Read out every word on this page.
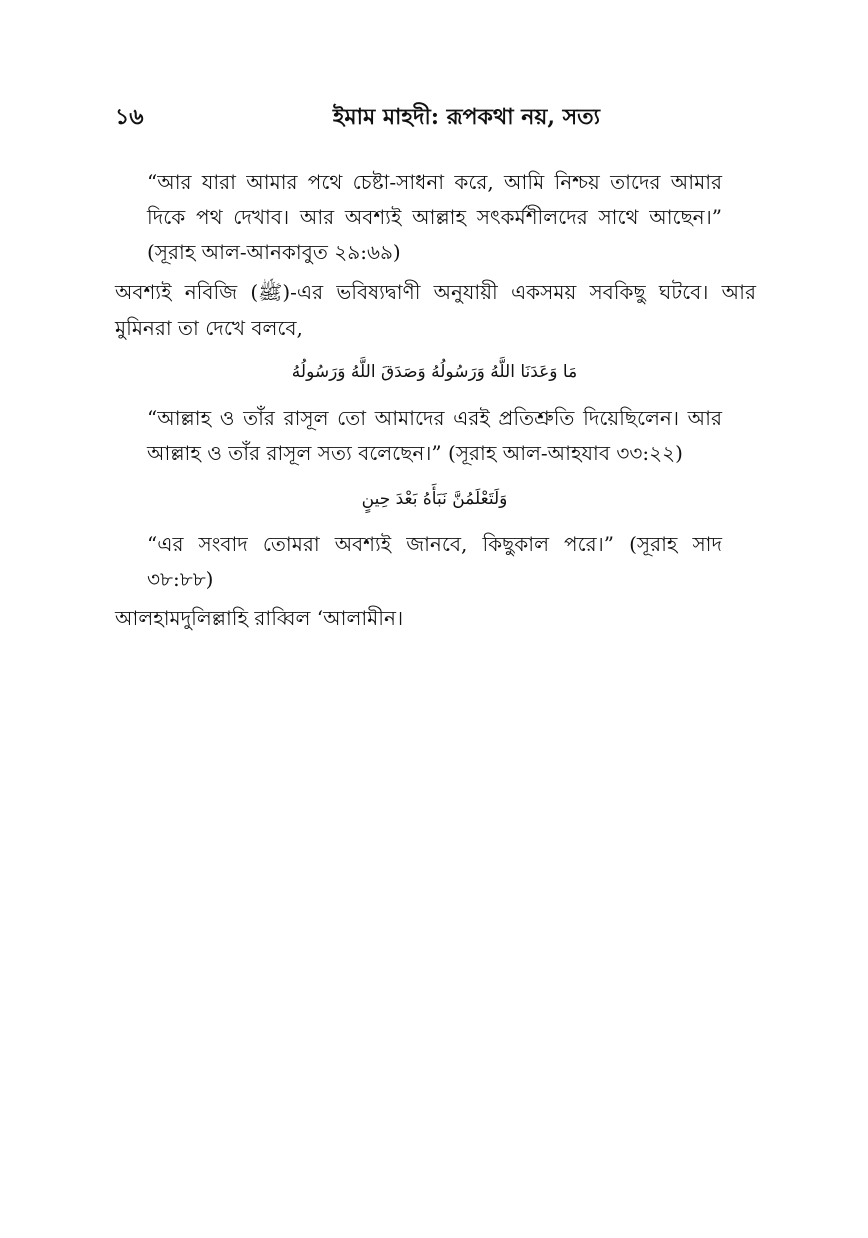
১৬	ইমাম মাহদী: রূপকথা নয়, সত্য
“আর যারা আমার পথে চেষ্টা-সাধনা করে, আমি নিশ্চয় তাদের আমার দিকে পথ দেখাব। আর অবশ্যই আল্লাহ সৎকর্মশীলদের সাথে আছেন।” (সূরাহ আল-আনকাবুত ২৯:৬৯)
অবশ্যই নবিজি (ﷺ)-এর ভবিষ্যদ্বাণী অনুযায়ী একসময় সবকিছু ঘটবে। আর মুমিনরা তা দেখে বলবে,
مَا وَعَدَنَا اللَّهُ وَرَسُولُهُ وَصَدَقَ اللَّهُ وَرَسُولُهُ
“আল্লাহ ও তাঁর রাসূল তো আমাদের এরই প্রতিশ্রুতি দিয়েছিলেন। আর আল্লাহ ও তাঁর রাসূল সত্য বলেছেন।” (সূরাহ আল-আহযাব ৩৩:২২)
وَلَتَعْلَمُنَّ نَبَأَهُ بَعْدَ حِينٍ
“এর সংবাদ তোমরা অবশ্যই জানবে, কিছুকাল পরে।” (সূরাহ সাদ ৩৮:৮৮)
আলহামদুলিল্লাহি রাব্বিল ‘আলামীন।
